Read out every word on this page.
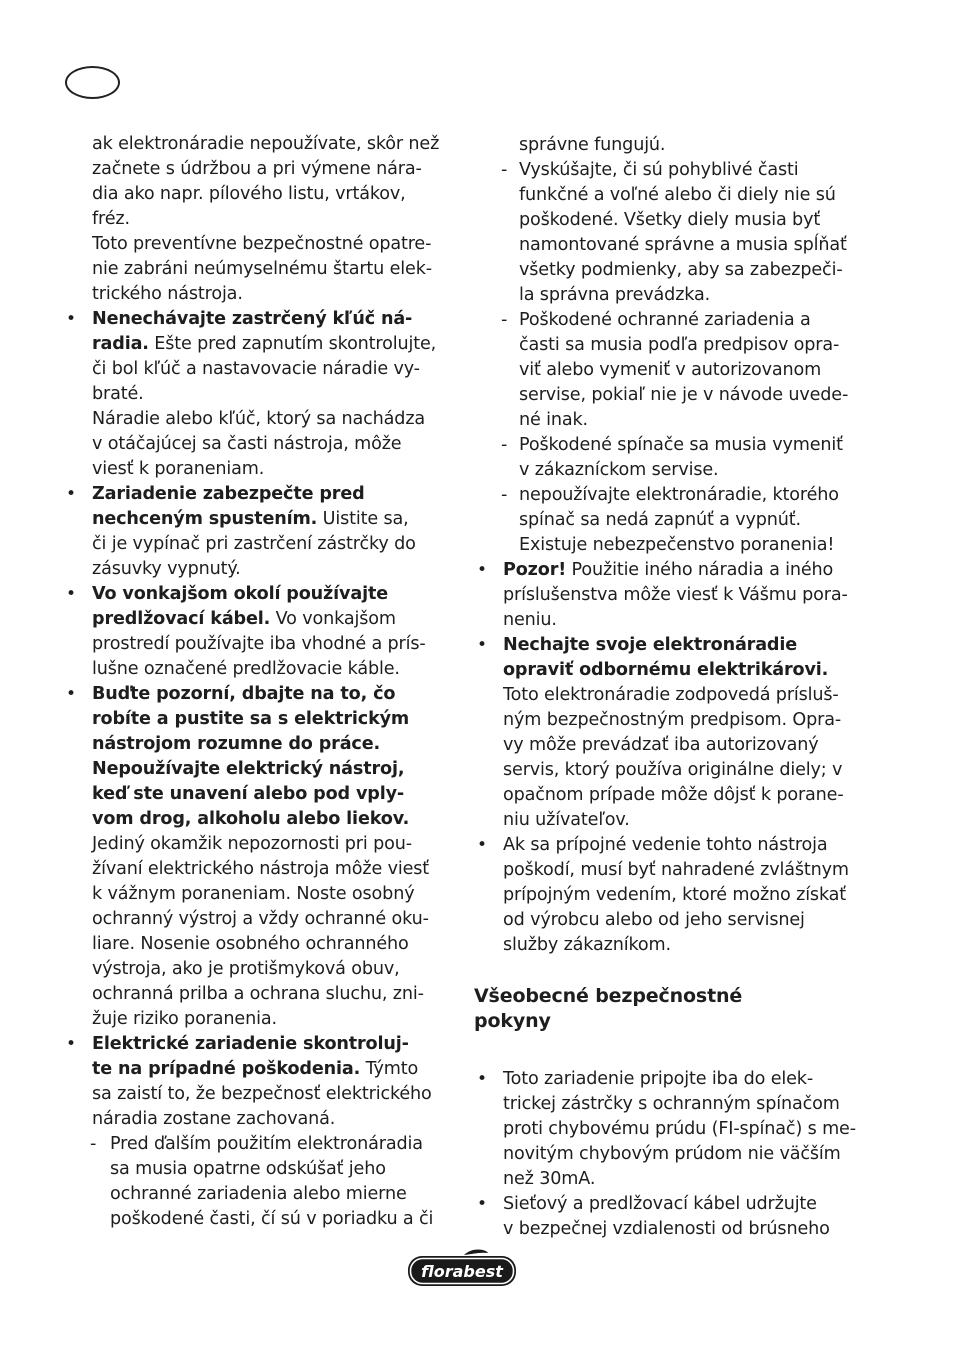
ak elektronáradie nepoužívate, skôr než
začnete s údržbou a pri výmene nára-
dia ako napr. pílového listu, vrtákov,
fréz.
Toto preventívne bezpečnostné opatre-
nie zabráni neúmyselnému štartu elek-
trického nástroja.
• Nenechávajte zastrčený kľúč ná-
radia. Ešte pred zapnutím skontrolujte,
či bol kľúč a nastavovacie náradie vy-
braté.
Náradie alebo kľúč, ktorý sa nachádza
v otáčajúcej sa časti nástroja, môže
viesť k poraneniam.
• Zariadenie zabezpečte pred
nechceným spustením. Uistite sa,
či je vypínač pri zastrčení zástrčky do
zásuvky vypnutý.
• Vo vonkajšom okolí používajte
predlžovací kábel. Vo vonkajšom
prostredí používajte iba vhodné a prís-
lušne označené predlžovacie káble.
• Buďte pozorní, dbajte na to, čo
robíte a pustite sa s elektrickým
nástrojom rozumne do práce.
Nepoužívajte elektrický nástroj,
keď ste unavení alebo pod vply-
vom drog, alkoholu alebo liekov.
Jediný okamžik nepozornosti pri pou-
žívaní elektrického nástroja môže viesť
k vážnym poraneniam. Noste osobný
ochranný výstroj a vždy ochranné oku-
liare. Nosenie osobného ochranného
výstroja, ako je protišmyková obuv,
ochranná prilba a ochrana sluchu, zni-
žuje riziko poranenia.
• Elektrické zariadenie skontroluj-
te na prípadné poškodenia. Týmto
sa zaistí to, že bezpečnosť elektrického
náradia zostane zachovaná.
- Pred ďalším použitím elektronáradia
sa musia opatrne odskúšať jeho
ochranné zariadenia alebo mierne
poškodené časti, čí sú v poriadku a či
správne fungujú.
- Vyskúšajte, či sú pohyblivé časti
funkčné a voľné alebo či diely nie sú
poškodené. Všetky diely musia byť
namontované správne a musia spĺňať
všetky podmienky, aby sa zabezpeči-
la správna prevádzka.
- Poškodené ochranné zariadenia a
časti sa musia podľa predpisov opra-
viť alebo vymeniť v autorizovanom
servise, pokiaľ nie je v návode uvede-
né inak.
- Poškodené spínače sa musia vymeniť
v zákazníckom servise.
- nepoužívajte elektronáradie, ktorého
spínač sa nedá zapnúť a vypnúť.
Existuje nebezpečenstvo poranenia!
• Pozor! Použitie iného náradia a iného
príslušenstva môže viesť k Vášmu pora-
neniu.
• Nechajte svoje elektronáradie
opraviť odbornému elektrikárovi.
Toto elektronáradie zodpovedá prísluš-
ným bezpečnostným predpisom. Opra-
vy môže prevádzať iba autorizovaný
servis, ktorý používa originálne diely; v
opačnom prípade môže dôjsť k porane-
niu užívateľov.
• Ak sa prípojné vedenie tohto nástroja
poškodí, musí byť nahradené zvláštnym
prípojným vedením, ktoré možno získať
od výrobcu alebo od jeho servisnej
služby zákazníkom.
Všeobecné bezpečnostné
pokyny
• Toto zariadenie pripojte iba do elek-
trickej zástrčky s ochranným spínačom
proti chybovému prúdu (FI-spínač) s me-
novitým chybovým prúdom nie väčším
než 30mA.
• Sieťový a predlžovací kábel udržujte
v bezpečnej vzdialenosti od brúsneho
florabest
